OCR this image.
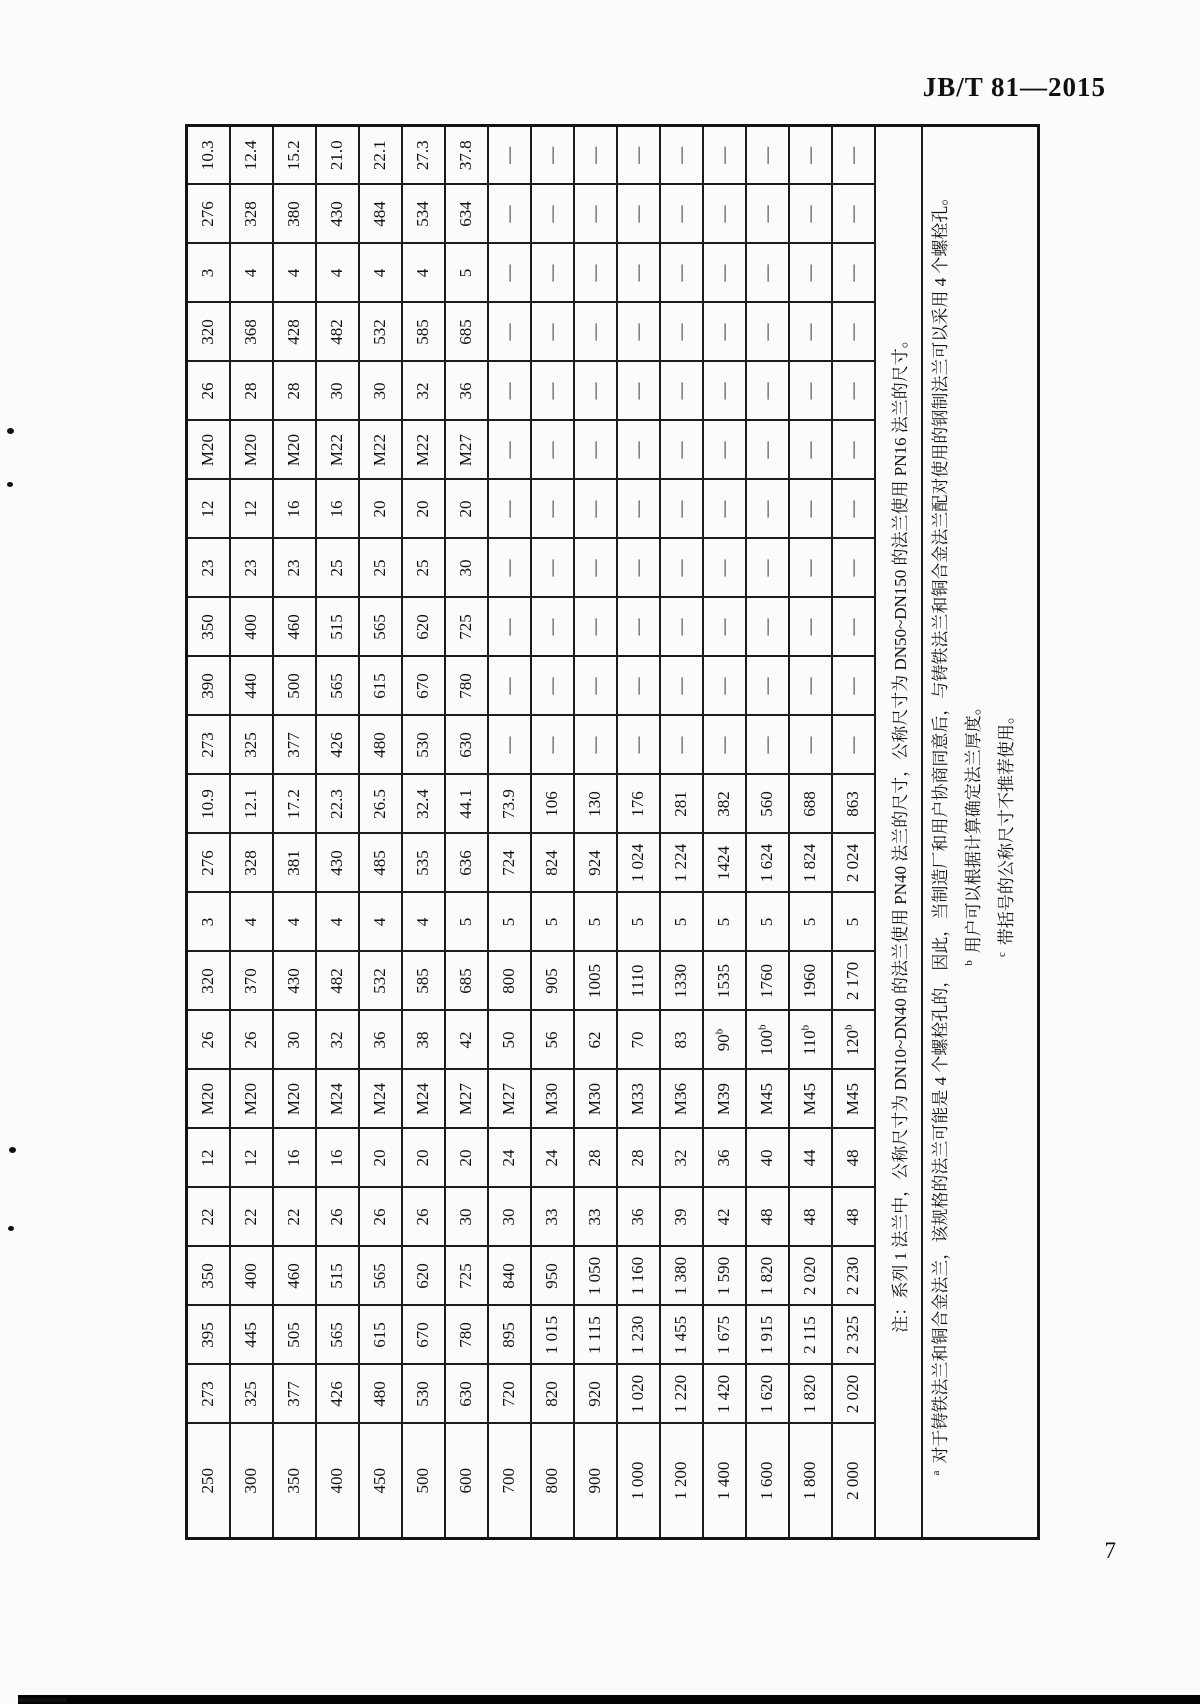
JB/T 81—2015
250	273	395	350	22	12	M20	26	320	3	276	10.9	273	390	350	23	12	M20	26	320	3	276	10.3
300	325	445	400	22	12	M20	26	370	4	328	12.1	325	440	400	23	12	M20	28	368	4	328	12.4
350	377	505	460	22	16	M20	30	430	4	381	17.2	377	500	460	23	16	M20	28	428	4	380	15.2
400	426	565	515	26	16	M24	32	482	4	430	22.3	426	565	515	25	16	M22	30	482	4	430	21.0
450	480	615	565	26	20	M24	36	532	4	485	26.5	480	615	565	25	20	M22	30	532	4	484	22.1
500	530	670	620	26	20	M24	38	585	4	535	32.4	530	670	620	25	20	M22	32	585	4	534	27.3
600	630	780	725	30	20	M27	42	685	5	636	44.1	630	780	725	30	20	M27	36	685	5	634	37.8
700	720	895	840	30	24	M27	50	800	5	724	73.9	—	—	—	—	—	—	—	—	—	—	—
800	820	1 015	950	33	24	M30	56	905	5	824	106	—	—	—	—	—	—	—	—	—	—	—
900	920	1 115	1 050	33	28	M30	62	1005	5	924	130	—	—	—	—	—	—	—	—	—	—	—
1 000	1 020	1 230	1 160	36	28	M33	70	1110	5	1 024	176	—	—	—	—	—	—	—	—	—	—	—
1 200	1 220	1 455	1 380	39	32	M36	83	1330	5	1 224	281	—	—	—	—	—	—	—	—	—	—	—
1 400	1 420	1 675	1 590	42	36	M39	90$^b$	1535	5	1424	382	—	—	—	—	—	—	—	—	—	—	—
1 600	1 620	1 915	1 820	48	40	M45	100$^b$	1760	5	1 624	560	—	—	—	—	—	—	—	—	—	—	—
1 800	1 820	2 115	2 020	48	44	M45	110$^b$	1960	5	1 824	688	—	—	—	—	—	—	—	—	—	—	—
2 000	2 020	2 325	2 230	48	48	M45	120$^b$	2 170	5	2 024	863	—	—	—	—	—	—	—	—	—	—	—
注：系列 1 法兰中，公称尺寸为 DN10~DN40 的法兰使用 PN40 法兰的尺寸，公称尺寸为 DN50~DN150 的法兰使用 PN16 法兰的尺寸。																						

$^a$对于铸铁法兰和铜合金法兰，该规格的法兰可能是 4 个螺栓孔的，因此，当制造厂和用户协商同意后，与铸铁法兰和铜合金法兰配对使用的钢制法兰可以采用 4 个螺栓孔。 $^b$用户可以根据计算确定法兰厚度。
$^c$带括号的公称尺寸不推荐使用。																						
7
